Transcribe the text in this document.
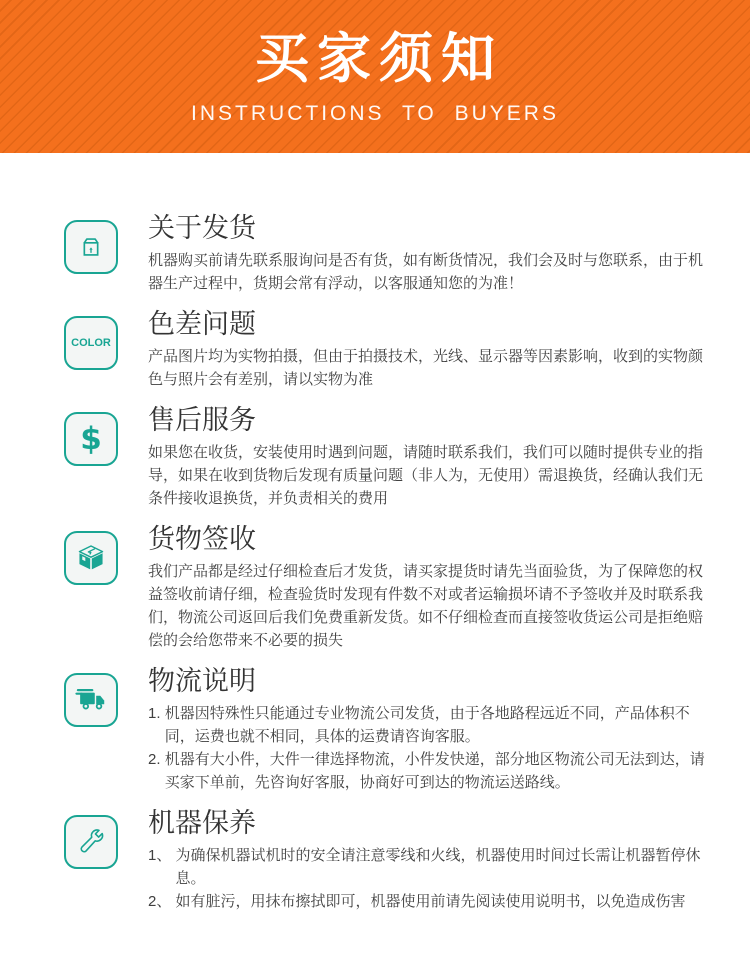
买家须知
INSTRUCTIONS TO BUYERS
关于发货

机器购买前请先联系服询问是否有货，如有断货情况，我们会及时与您联系，由于机器生产过程中，货期会常有浮动，以客服通知您的为准！

COLOR
色差问题

产品图片均为实物拍摄，但由于拍摄技术，光线、显示器等因素影响，收到的实物颜色与照片会有差别，请以实物为准

$
售后服务

如果您在收货，安装使用时遇到问题，请随时联系我们，我们可以随时提供专业的指导，如果在收到货物后发现有质量问题（非人为，无使用）需退换货，经确认我们无条件接收退换货，并负责相关的费用

货物签收

我们产品都是经过仔细检查后才发货，请买家提货时请先当面验货，为了保障您的权益签收前请仔细，检查验货时发现有件数不对或者运输损坏请不予签收并及时联系我们，物流公司返回后我们免费重新发货。如不仔细检查而直接签收货运公司是拒绝赔偿的会给您带来不必要的损失

物流说明
1. 机器因特殊性只能通过专业物流公司发货，由于各地路程远近不同，产品体积不同，运费也就不相同，具体的运费请咨询客服。
2. 机器有大小件，大件一律选择物流，小件发快递，部分地区物流公司无法到达，请买家下单前，先咨询好客服，协商好可到达的物流运送路线。
机器保养
1、 为确保机器试机时的安全请注意零线和火线，机器使用时间过长需让机器暂停休息。
2、 如有脏污，用抹布擦拭即可，机器使用前请先阅读使用说明书，以免造成伤害
